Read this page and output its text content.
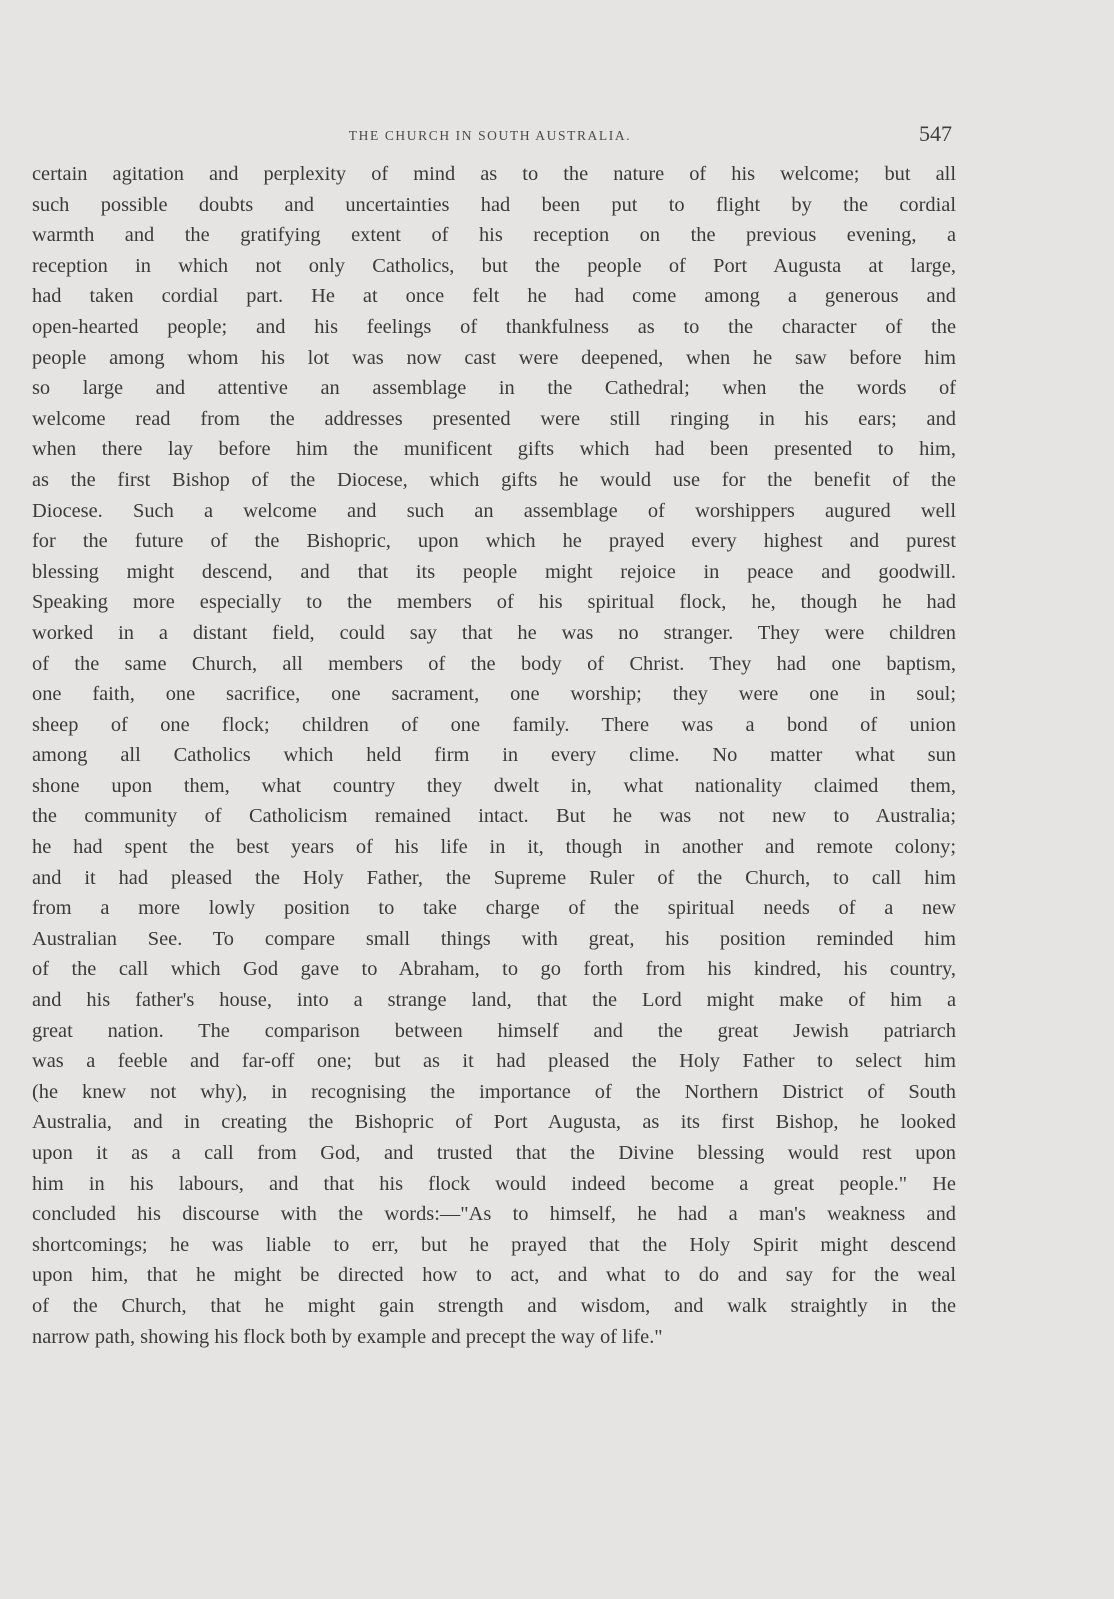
THE CHURCH IN SOUTH AUSTRALIA.	547
certain agitation and perplexity of mind as to the nature of his welcome; but all
such possible doubts and uncertainties had been put to flight by the cordial
warmth and the gratifying extent of his reception on the previous evening, a
reception in which not only Catholics, but the people of Port Augusta at large,
had taken cordial part. He at once felt he had come among a generous and
open-hearted people; and his feelings of thankfulness as to the character of the
people among whom his lot was now cast were deepened, when he saw before him
so large and attentive an assemblage in the Cathedral; when the words of
welcome read from the addresses presented were still ringing in his ears; and
when there lay before him the munificent gifts which had been presented to him,
as the first Bishop of the Diocese, which gifts he would use for the benefit of the
Diocese. Such a welcome and such an assemblage of worshippers augured well
for the future of the Bishopric, upon which he prayed every highest and purest
blessing might descend, and that its people might rejoice in peace and goodwill.
Speaking more especially to the members of his spiritual flock, he, though he had
worked in a distant field, could say that he was no stranger. They were children
of the same Church, all members of the body of Christ. They had one baptism,
one faith, one sacrifice, one sacrament, one worship; they were one in soul;
sheep of one flock; children of one family. There was a bond of union
among all Catholics which held firm in every clime. No matter what sun
shone upon them, what country they dwelt in, what nationality claimed them,
the community of Catholicism remained intact. But he was not new to Australia;
he had spent the best years of his life in it, though in another and remote colony;
and it had pleased the Holy Father, the Supreme Ruler of the Church, to call him
from a more lowly position to take charge of the spiritual needs of a new
Australian See. To compare small things with great, his position reminded him
of the call which God gave to Abraham, to go forth from his kindred, his country,
and his father's house, into a strange land, that the Lord might make of him a
great nation. The comparison between himself and the great Jewish patriarch
was a feeble and far-off one; but as it had pleased the Holy Father to select him
(he knew not why), in recognising the importance of the Northern District of South
Australia, and in creating the Bishopric of Port Augusta, as its first Bishop, he looked
upon it as a call from God, and trusted that the Divine blessing would rest upon
him in his labours, and that his flock would indeed become a great people." He
concluded his discourse with the words:—"As to himself, he had a man's weakness and
shortcomings; he was liable to err, but he prayed that the Holy Spirit might descend
upon him, that he might be directed how to act, and what to do and say for the weal
of the Church, that he might gain strength and wisdom, and walk straightly in the
narrow path, showing his flock both by example and precept the way of life."
